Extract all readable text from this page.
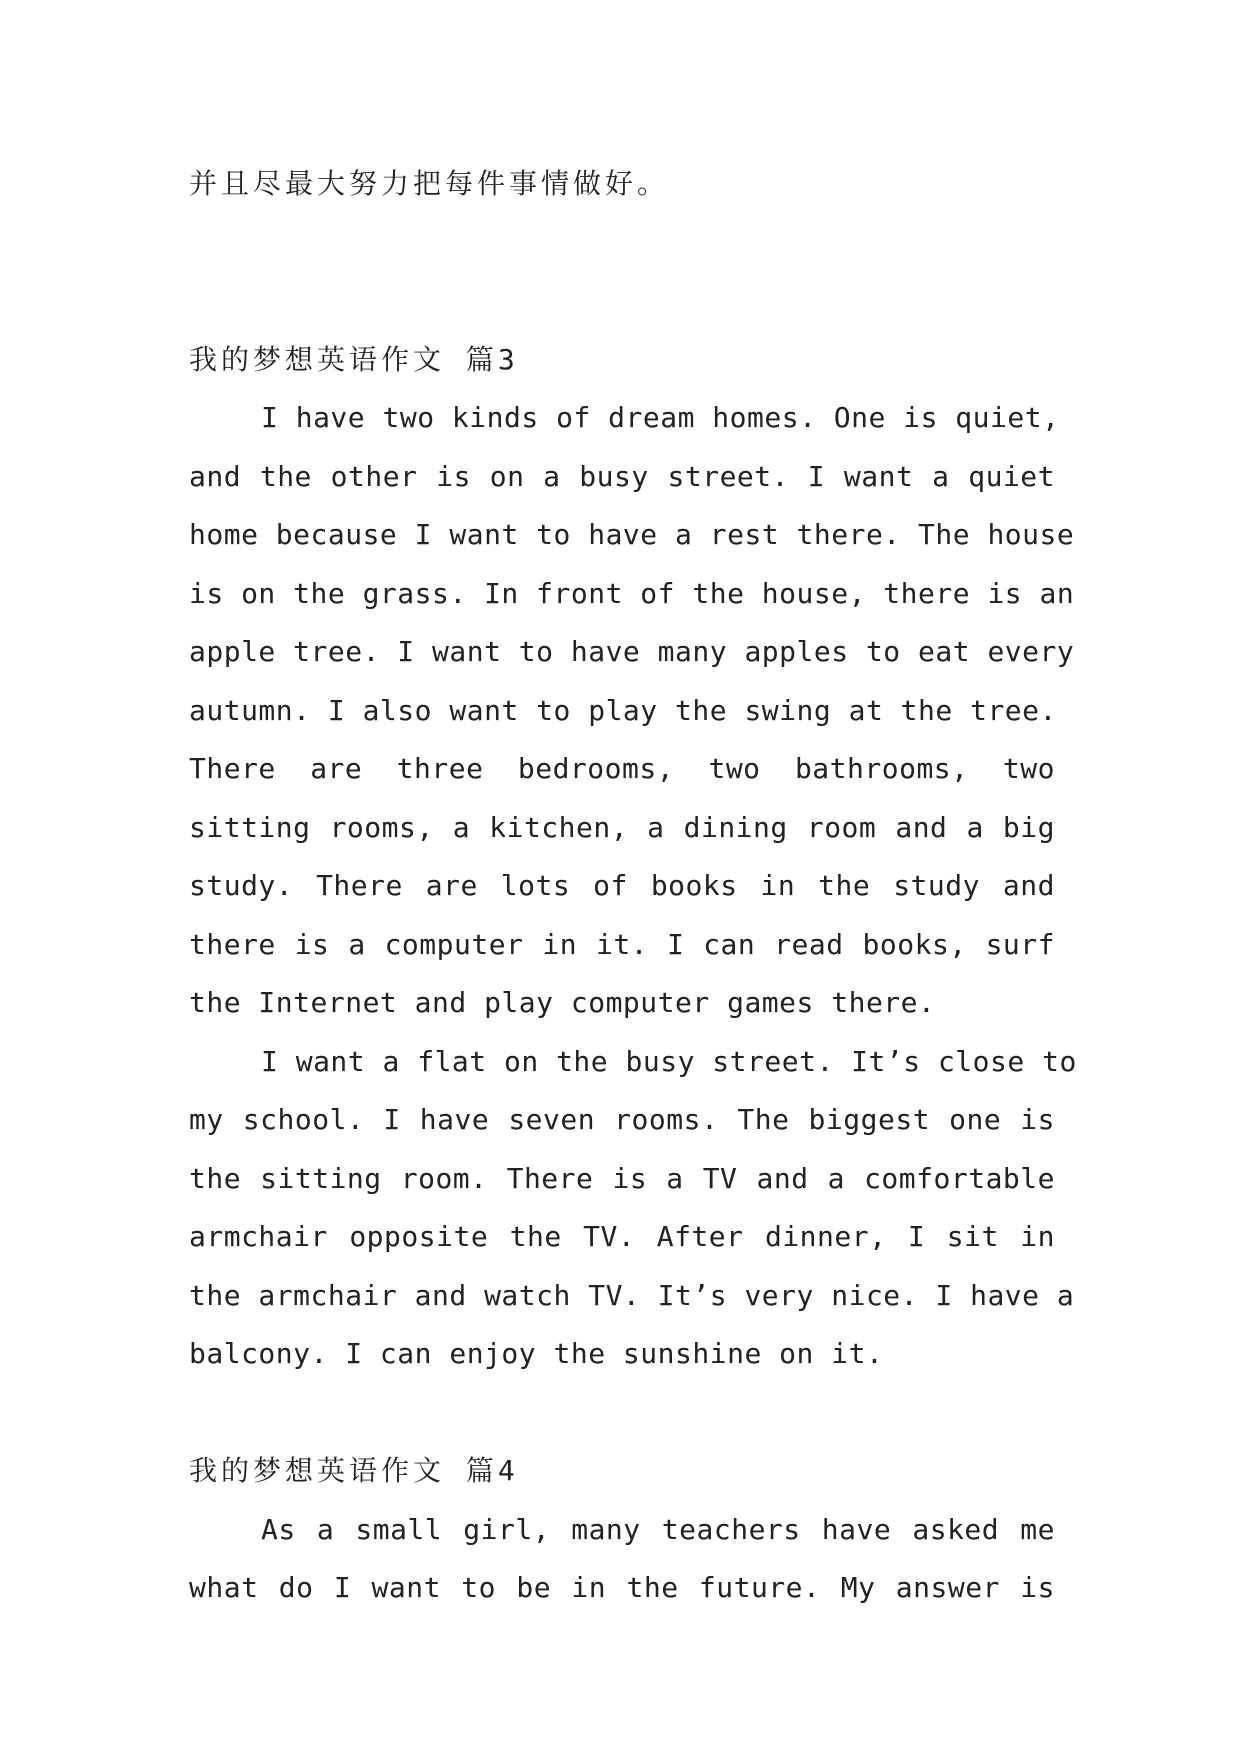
并且尽最大努力把每件事情做好。
我的梦想英语作文 篇3
I have two kinds of dream homes. One is quiet,
and the other is on a busy street. I want a quiet
home because I want to have a rest there. The house
is on the grass. In front of the house, there is an
apple tree. I want to have many apples to eat every
autumn. I also want to play the swing at the tree.
There are three bedrooms, two bathrooms, two
sitting rooms, a kitchen, a dining room and a big
study. There are lots of books in the study and
there is a computer in it. I can read books, surf
the Internet and play computer games there.
I want a flat on the busy street. It’s close to
my school. I have seven rooms. The biggest one is
the sitting room. There is a TV and a comfortable
armchair opposite the TV. After dinner, I sit in
the armchair and watch TV. It’s very nice. I have a
balcony. I can enjoy the sunshine on it.
我的梦想英语作文 篇4
As a small girl, many teachers have asked me
what do I want to be in the future. My answer is
